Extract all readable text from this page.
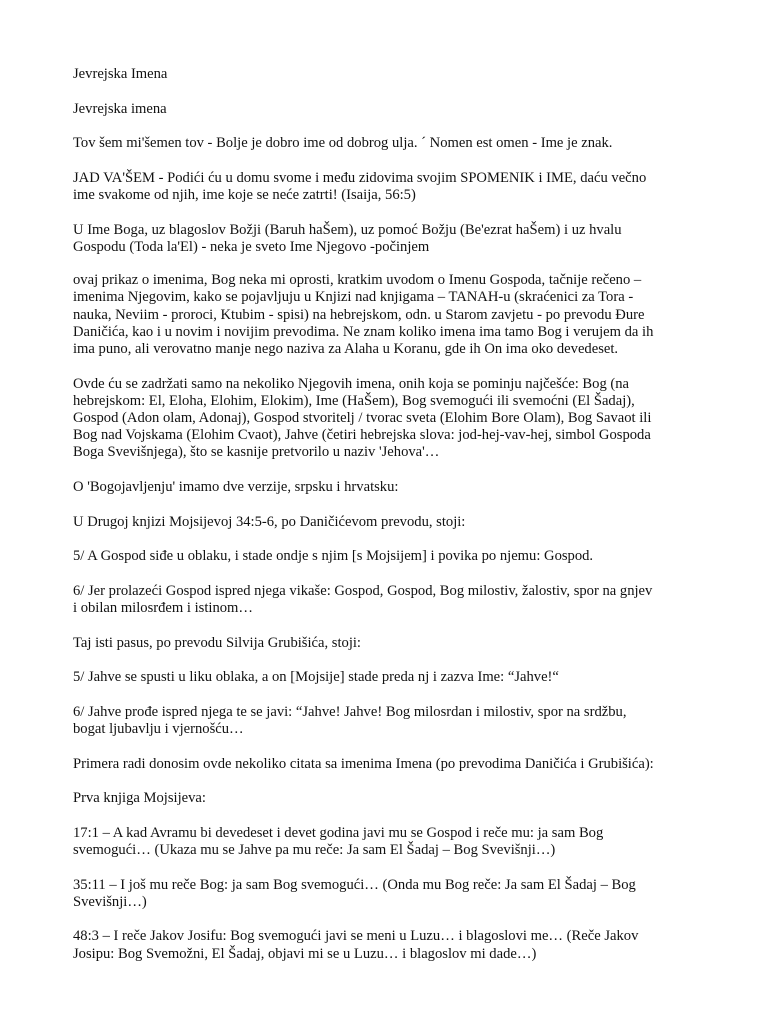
Jevrejska Imena

Jevrejska imena

Tov šem mi'šemen tov - Bolje je dobro ime od dobrog ulja. ´ Nomen est omen - Ime je znak.

JAD VA'ŠEM - Podići ću u domu svome i među zidovima svojim SPOMENIK i IME, daću večno
ime svakome od njih, ime koje se neće zatrti! (Isaija, 56:5)

U Ime Boga, uz blagoslov Božji (Baruh haŠem), uz pomoć Božju (Be'ezrat haŠem) i uz hvalu
Gospodu (Toda la'El) - neka je sveto Ime Njegovo -počinjem

ovaj prikaz o imenima, Bog neka mi oprosti, kratkim uvodom o Imenu Gospoda, tačnije rečeno –
imenima Njegovim, kako se pojavljuju u Knjizi nad knjigama – TANAH-u (skraćenici za Tora -
nauka, Neviim - proroci, Ktubim - spisi) na hebrejskom, odn. u Starom zavjetu - po prevodu Đure
Daničića, kao i u novim i novijim prevodima. Ne znam koliko imena ima tamo Bog i verujem da ih
ima puno, ali verovatno manje nego naziva za Alaha u Koranu, gde ih On ima oko devedeset.

Ovde ću se zadržati samo na nekoliko Njegovih imena, onih koja se pominju najčešće: Bog (na
hebrejskom: El, Eloha, Elohim, Elokim), Ime (HaŠem), Bog svemogući ili svemoćni (El Šadaj),
Gospod (Adon olam, Adonaj), Gospod stvoritelj / tvorac sveta (Elohim Bore Olam), Bog Savaot ili
Bog nad Vojskama (Elohim Cvaot), Jahve (četiri hebrejska slova: jod-hej-vav-hej, simbol Gospoda
Boga Svevišnjega), što se kasnije pretvorilo u naziv 'Jehova'…

O 'Bogojavljenju' imamo dve verzije, srpsku i hrvatsku:

U Drugoj knjizi Mojsijevoj 34:5-6, po Daničićevom prevodu, stoji:

5/ A Gospod siđe u oblaku, i stade ondje s njim [s Mojsijem] i povika po njemu: Gospod.

6/ Jer prolazeći Gospod ispred njega vikaše: Gospod, Gospod, Bog milostiv, žalostiv, spor na gnjev
i obilan milosrđem i istinom…

Taj isti pasus, po prevodu Silvija Grubišića, stoji:

5/ Jahve se spusti u liku oblaka, a on [Mojsije] stade preda nj i zazva Ime: “Jahve!“

6/ Jahve prođe ispred njega te se javi: “Jahve! Jahve! Bog milosrdan i milostiv, spor na srdžbu,
bogat ljubavlju i vjernošću…

Primera radi donosim ovde nekoliko citata sa imenima Imena (po prevodima Daničića i Grubišića):

Prva knjiga Mojsijeva:

17:1 – A kad Avramu bi devedeset i devet godina javi mu se Gospod i reče mu: ja sam Bog
svemogući… (Ukaza mu se Jahve pa mu reče: Ja sam El Šadaj – Bog Svevišnji…)

35:11 – I još mu reče Bog: ja sam Bog svemogući… (Onda mu Bog reče: Ja sam El Šadaj – Bog
Svevišnji…)

48:3 – I reče Jakov Josifu: Bog svemogući javi se meni u Luzu… i blagoslovi me… (Reče Jakov
Josipu: Bog Svemožni, El Šadaj, objavi mi se u Luzu… i blagoslov mi dade…)
